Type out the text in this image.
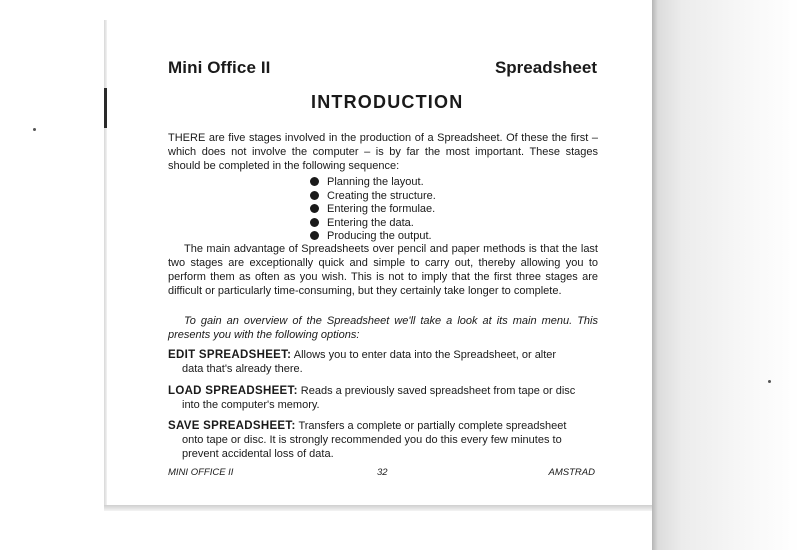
Mini Office II	Spreadsheet
INTRODUCTION

THERE are five stages involved in the production of a Spreadsheet. Of these the first – which does not involve the computer – is by far the most important. These stages should be completed in the following sequence:

Planning the layout.
Creating the structure.
Entering the formulae.
Entering the data.
Producing the output.

The main advantage of Spreadsheets over pencil and paper methods is that the last two stages are exceptionally quick and simple to carry out, thereby allowing you to perform them as often as you wish. This is not to imply that the first three stages are difficult or particularly time-consuming, but they certainly take longer to complete.

To gain an overview of the Spreadsheet we'll take a look at its main menu. This presents you with the following options:

EDIT SPREADSHEET: Allows you to enter data into the Spreadsheet, or alter
data that's already there.
LOAD SPREADSHEET: Reads a previously saved spreadsheet from tape or disc
into the computer's memory.
SAVE SPREADSHEET: Transfers a complete or partially complete spreadsheet
onto tape or disc. It is strongly recommended you do this every few minutes to prevent accidental loss of data.
MINI OFFICE II	32	AMSTRAD
